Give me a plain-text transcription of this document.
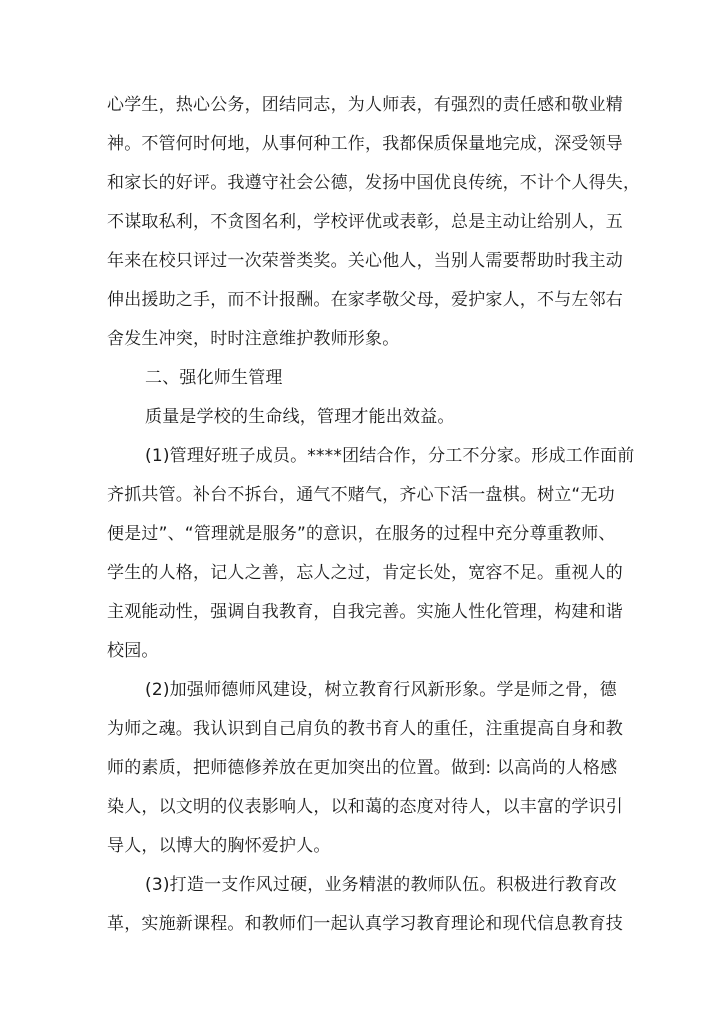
心学生，热心公务，团结同志，为人师表，有强烈的责任感和敬业精
神。不管何时何地，从事何种工作，我都保质保量地完成，深受领导
和家长的好评。我遵守社会公德，发扬中国优良传统，不计个人得失，
不谋取私利，不贪图名利，学校评优或表彰，总是主动让给别人，五
年来在校只评过一次荣誉类奖。关心他人，当别人需要帮助时我主动
伸出援助之手，而不计报酬。在家孝敬父母，爱护家人，不与左邻右
舍发生冲突，时时注意维护教师形象。
二、强化师生管理
质量是学校的生命线，管理才能出效益。
(1)管理好班子成员。****团结合作，分工不分家。形成工作面前
齐抓共管。补台不拆台，通气不赌气，齐心下活一盘棋。树立“无功
便是过”、“管理就是服务”的意识，在服务的过程中充分尊重教师、
学生的人格，记人之善，忘人之过，肯定长处，宽容不足。重视人的
主观能动性，强调自我教育，自我完善。实施人性化管理，构建和谐
校园。
(2)加强师德师风建设，树立教育行风新形象。学是师之骨，德
为师之魂。我认识到自己肩负的教书育人的重任，注重提高自身和教
师的素质，把师德修养放在更加突出的位置。做到: 以高尚的人格感
染人，以文明的仪表影响人，以和蔼的态度对待人，以丰富的学识引
导人，以博大的胸怀爱护人。
(3)打造一支作风过硬，业务精湛的教师队伍。积极进行教育改
革，实施新课程。和教师们一起认真学习教育理论和现代信息教育技
